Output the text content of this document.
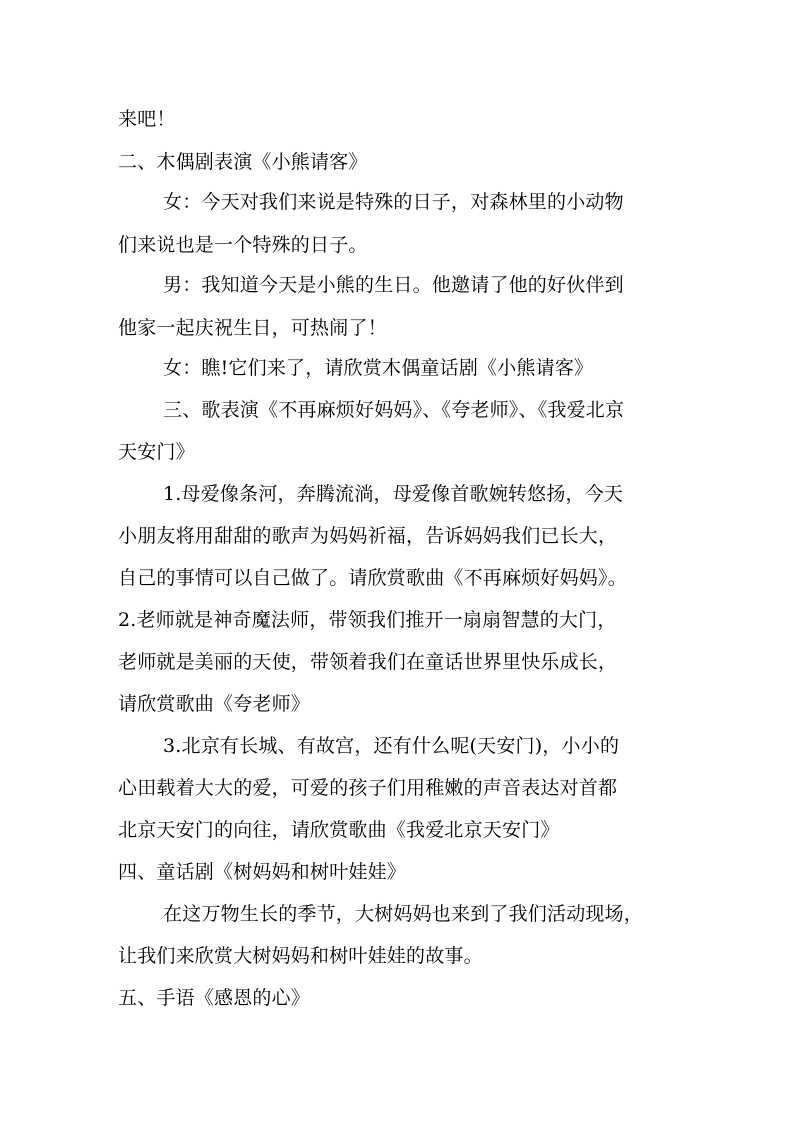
来吧！
二、木偶剧表演《小熊请客》
女：今天对我们来说是特殊的日子，对森林里的小动物
们来说也是一个特殊的日子。
男：我知道今天是小熊的生日。他邀请了他的好伙伴到
他家一起庆祝生日，可热闹了！
女：瞧!它们来了，请欣赏木偶童话剧《小熊请客》
三、歌表演《不再麻烦好妈妈》、《夸老师》、《我爱北京
天安门》
1.母爱像条河，奔腾流淌，母爱像首歌婉转悠扬，今天
小朋友将用甜甜的歌声为妈妈祈福，告诉妈妈我们已长大，
自己的事情可以自己做了。请欣赏歌曲《不再麻烦好妈妈》。
2.老师就是神奇魔法师，带领我们推开一扇扇智慧的大门，
老师就是美丽的天使，带领着我们在童话世界里快乐成长，
请欣赏歌曲《夸老师》
3.北京有长城、有故宫，还有什么呢(天安门)，小小的
心田载着大大的爱，可爱的孩子们用稚嫩的声音表达对首都
北京天安门的向往，请欣赏歌曲《我爱北京天安门》
四、童话剧《树妈妈和树叶娃娃》
在这万物生长的季节，大树妈妈也来到了我们活动现场，
让我们来欣赏大树妈妈和树叶娃娃的故事。
五、手语《感恩的心》
